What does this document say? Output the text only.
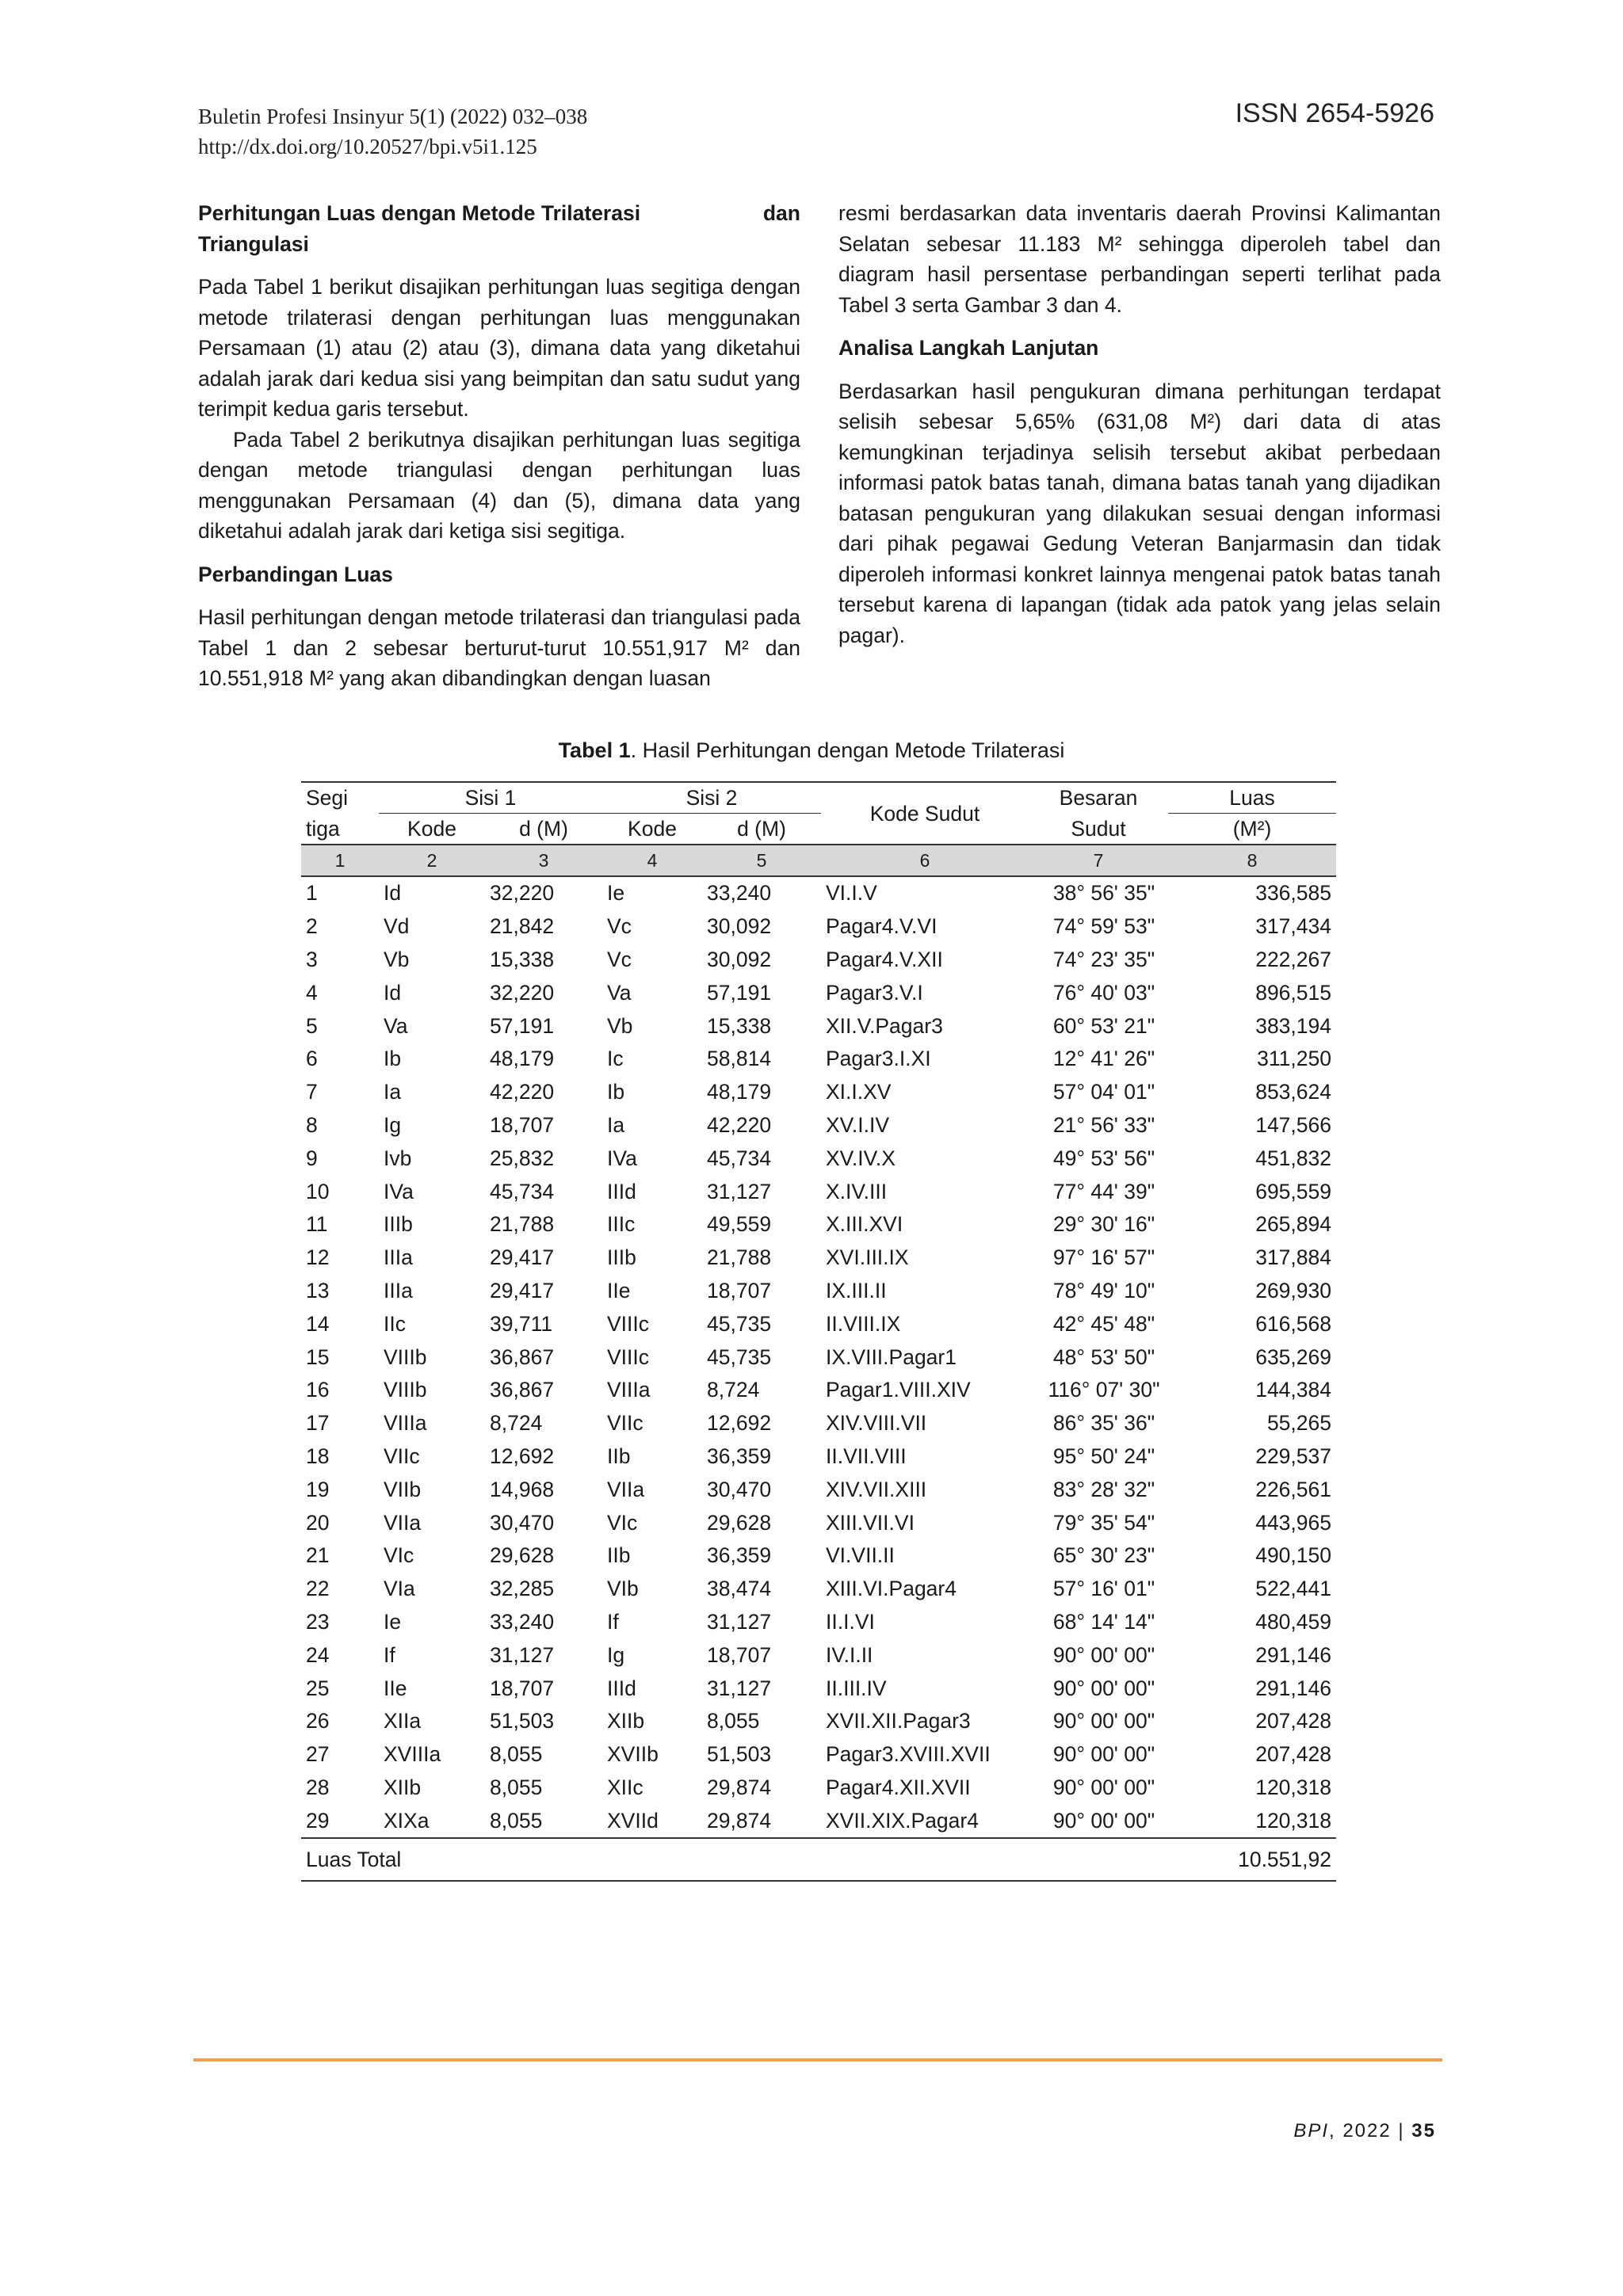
Buletin Profesi Insinyur 5(1) (2022) 032–038
http://dx.doi.org/10.20527/bpi.v5i1.125
ISSN 2654-5926
Perhitungan Luas dengan Metode Trilaterasi	dan
Triangulasi

Pada Tabel 1 berikut disajikan perhitungan luas segitiga dengan metode trilaterasi dengan perhitungan luas menggunakan Persamaan (1) atau (2) atau (3), dimana data yang diketahui adalah jarak dari kedua sisi yang beimpitan dan satu sudut yang terimpit kedua garis tersebut.

Pada Tabel 2 berikutnya disajikan perhitungan luas segitiga dengan metode triangulasi dengan perhitungan luas menggunakan Persamaan (4) dan (5), dimana data yang diketahui adalah jarak dari ketiga sisi segitiga.

Perbandingan Luas

Hasil perhitungan dengan metode trilaterasi dan triangulasi pada Tabel 1 dan 2 sebesar berturut-turut 10.551,917 M² dan 10.551,918 M² yang akan dibandingkan dengan luasan

resmi berdasarkan data inventaris daerah Provinsi Kalimantan Selatan sebesar 11.183 M² sehingga diperoleh tabel dan diagram hasil persentase perbandingan seperti terlihat pada Tabel 3 serta Gambar 3 dan 4.

Analisa Langkah Lanjutan

Berdasarkan hasil pengukuran dimana perhitungan terdapat selisih sebesar 5,65% (631,08 M²) dari data di atas kemungkinan terjadinya selisih tersebut akibat perbedaan informasi patok batas tanah, dimana batas tanah yang dijadikan batasan pengukuran yang dilakukan sesuai dengan informasi dari pihak pegawai Gedung Veteran Banjarmasin dan tidak diperoleh informasi konkret lainnya mengenai patok batas tanah tersebut karena di lapangan (tidak ada patok yang jelas selain pagar).

Tabel 1. Hasil Perhitungan dengan Metode Trilaterasi
Segi	Sisi 1		Sisi 2		Kode Sudut	Besaran	Luas
tiga	Kode	d (M)	Kode	d (M)		Sudut	(M²)
1	2	3	4	5	6	7	8
1	Id	32,220	Ie	33,240	VI.I.V	38° 56' 35"	336,585
2	Vd	21,842	Vc	30,092	Pagar4.V.VI	74° 59' 53"	317,434
3	Vb	15,338	Vc	30,092	Pagar4.V.XII	74° 23' 35"	222,267
4	Id	32,220	Va	57,191	Pagar3.V.I	76° 40' 03"	896,515
5	Va	57,191	Vb	15,338	XII.V.Pagar3	60° 53' 21"	383,194
6	Ib	48,179	Ic	58,814	Pagar3.I.XI	12° 41' 26"	311,250
7	Ia	42,220	Ib	48,179	XI.I.XV	57° 04' 01"	853,624
8	Ig	18,707	Ia	42,220	XV.I.IV	21° 56' 33"	147,566
9	Ivb	25,832	IVa	45,734	XV.IV.X	49° 53' 56"	451,832
10	IVa	45,734	IIId	31,127	X.IV.III	77° 44' 39"	695,559
11	IIIb	21,788	IIIc	49,559	X.III.XVI	29° 30' 16"	265,894
12	IIIa	29,417	IIIb	21,788	XVI.III.IX	97° 16' 57"	317,884
13	IIIa	29,417	IIe	18,707	IX.III.II	78° 49' 10"	269,930
14	IIc	39,711	VIIIc	45,735	II.VIII.IX	42° 45' 48"	616,568
15	VIIIb	36,867	VIIIc	45,735	IX.VIII.Pagar1	48° 53' 50"	635,269
16	VIIIb	36,867	VIIIa	8,724	Pagar1.VIII.XIV	116° 07' 30"	144,384
17	VIIIa	8,724	VIIc	12,692	XIV.VIII.VII	86° 35' 36"	55,265
18	VIIc	12,692	IIb	36,359	II.VII.VIII	95° 50' 24"	229,537
19	VIIb	14,968	VIIa	30,470	XIV.VII.XIII	83° 28' 32"	226,561
20	VIIa	30,470	VIc	29,628	XIII.VII.VI	79° 35' 54"	443,965
21	VIc	29,628	IIb	36,359	VI.VII.II	65° 30' 23"	490,150
22	VIa	32,285	VIb	38,474	XIII.VI.Pagar4	57° 16' 01"	522,441
23	Ie	33,240	If	31,127	II.I.VI	68° 14' 14"	480,459
24	If	31,127	Ig	18,707	IV.I.II	90° 00' 00"	291,146
25	IIe	18,707	IIId	31,127	II.III.IV	90° 00' 00"	291,146
26	XIIa	51,503	XIIb	8,055	XVII.XII.Pagar3	90° 00' 00"	207,428
27	XVIIIa	8,055	XVIIb	51,503	Pagar3.XVIII.XVII	90° 00' 00"	207,428
28	XIIb	8,055	XIIc	29,874	Pagar4.XII.XVII	90° 00' 00"	120,318
29	XIXa	8,055	XVIId	29,874	XVII.XIX.Pagar4	90° 00' 00"	120,318
Luas Total							10.551,92
BPI, 2022 | 35
